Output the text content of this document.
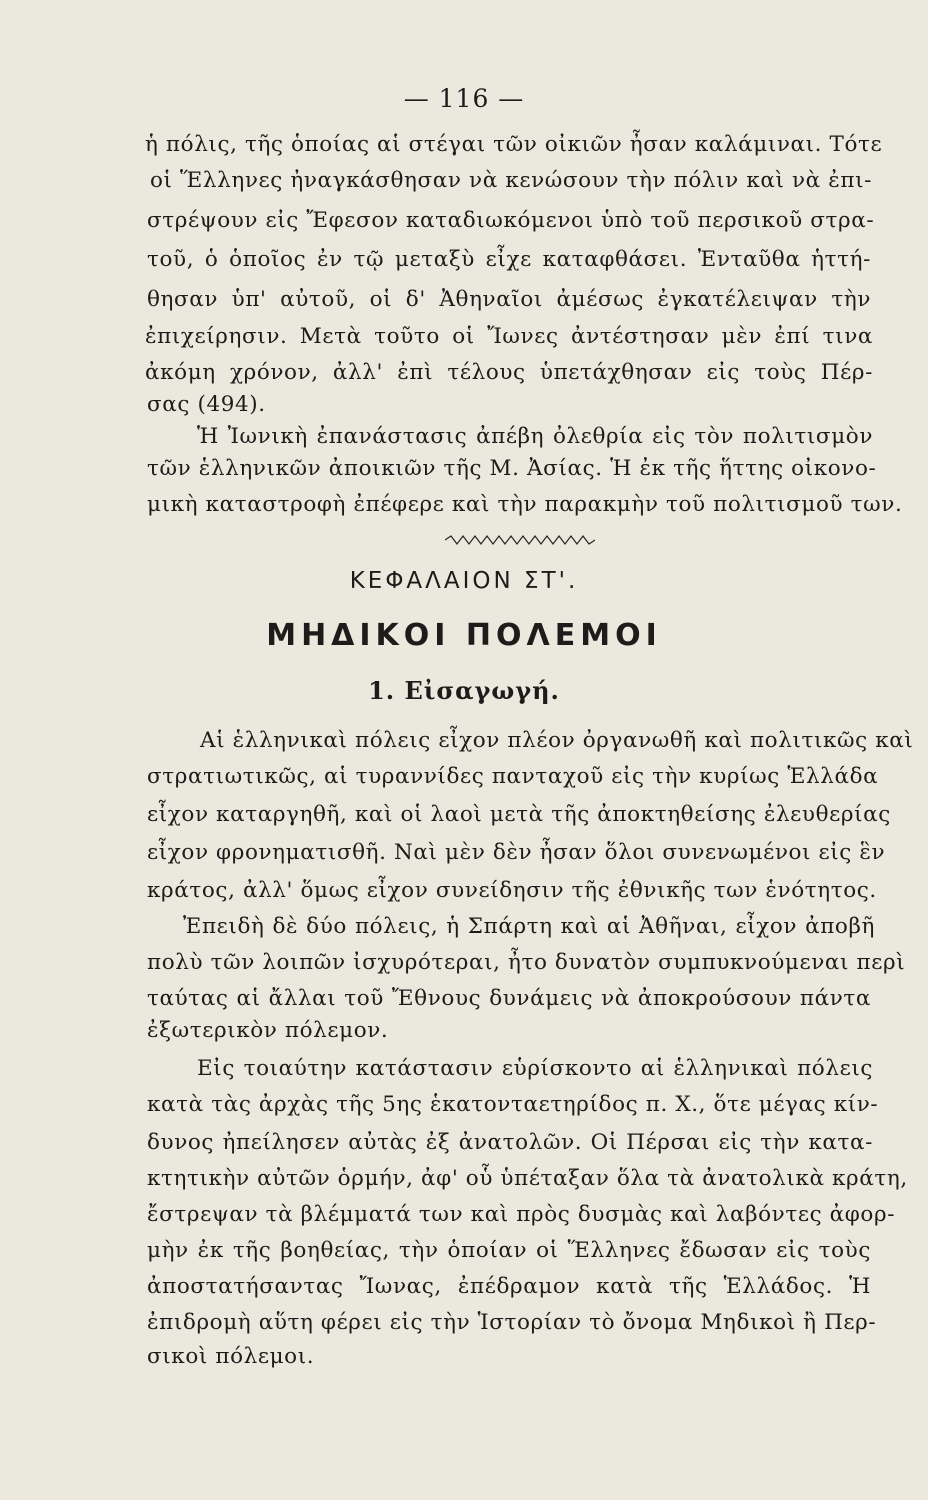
— 116 —
ἡ πόλις, τῆς ὁποίας αἱ στέγαι τῶν οἰκιῶν ἦσαν καλάμιναι. Τότε
οἱ Ἕλληνες ἠναγκάσθησαν νὰ κενώσουν τὴν πόλιν καὶ νὰ ἐπι-
στρέψουν εἰς Ἔφεσον καταδιωκόμενοι ὑπὸ τοῦ περσικοῦ στρα-
τοῦ, ὁ ὁποῖος ἐν τῷ μεταξὺ εἶχε καταφθάσει. Ἐνταῦθα ἡττή-
θησαν ὑπ' αὐτοῦ, οἱ δ' Ἀθηναῖοι ἀμέσως ἐγκατέλειψαν τὴν
ἐπιχείρησιν. Μετὰ τοῦτο οἱ Ἴωνες ἀντέστησαν μὲν ἐπί τινα
ἀκόμη χρόνον, ἀλλ' ἐπὶ τέλους ὑπετάχθησαν εἰς τοὺς Πέρ-
σας (494).
Ἡ Ἰωνικὴ ἐπανάστασις ἀπέβη ὀλεθρία εἰς τὸν πολιτισμὸν
τῶν ἑλληνικῶν ἀποικιῶν τῆς Μ. Ἀσίας. Ἡ ἐκ τῆς ἥττης οἰκονο-
μικὴ καταστροφὴ ἐπέφερε καὶ τὴν παρακμὴν τοῦ πολιτισμοῦ των.
ΚΕΦΑΛΑΙΟΝ ΣΤ'.
ΜΗΔΙΚΟΙ ΠΟΛΕΜΟΙ
1. Εἰσαγωγή.
Αἱ ἑλληνικαὶ πόλεις εἶχον πλέον ὀργανωθῆ καὶ πολιτικῶς καὶ
στρατιωτικῶς, αἱ τυραννίδες πανταχοῦ εἰς τὴν κυρίως Ἑλλάδα
εἶχον καταργηθῆ, καὶ οἱ λαοὶ μετὰ τῆς ἀποκτηθείσης ἐλευθερίας
εἶχον φρονηματισθῆ. Ναὶ μὲν δὲν ἦσαν ὅλοι συνενωμένοι εἰς ἓν
κράτος, ἀλλ' ὅμως εἶχον συνείδησιν τῆς ἐθνικῆς των ἑνότητος.
Ἐπειδὴ δὲ δύο πόλεις, ἡ Σπάρτη καὶ αἱ Ἀθῆναι, εἶχον ἀποβῆ
πολὺ τῶν λοιπῶν ἰσχυρότεραι, ἦτο δυνατὸν συμπυκνούμεναι περὶ
ταύτας αἱ ἄλλαι τοῦ Ἔθνους δυνάμεις νὰ ἀποκρούσουν πάντα
ἐξωτερικὸν πόλεμον.
Εἰς τοιαύτην κατάστασιν εὑρίσκοντο αἱ ἑλληνικαὶ πόλεις
κατὰ τὰς ἀρχὰς τῆς 5ης ἑκατονταετηρίδος π. Χ., ὅτε μέγας κίν-
δυνος ἠπείλησεν αὐτὰς ἐξ ἀνατολῶν. Οἱ Πέρσαι εἰς τὴν κατα-
κτητικὴν αὐτῶν ὁρμήν, ἀφ' οὗ ὑπέταξαν ὅλα τὰ ἀνατολικὰ κράτη,
ἔστρεψαν τὰ βλέμματά των καὶ πρὸς δυσμὰς καὶ λαβόντες ἀφορ-
μὴν ἐκ τῆς βοηθείας, τὴν ὁποίαν οἱ Ἕλληνες ἔδωσαν εἰς τοὺς
ἀποστατήσαντας Ἴωνας, ἐπέδραμον κατὰ τῆς Ἑλλάδος. Ἡ
ἐπιδρομὴ αὕτη φέρει εἰς τὴν Ἱστορίαν τὸ ὄνομα Μηδικοὶ ἢ Περ-
σικοὶ πόλεμοι.
